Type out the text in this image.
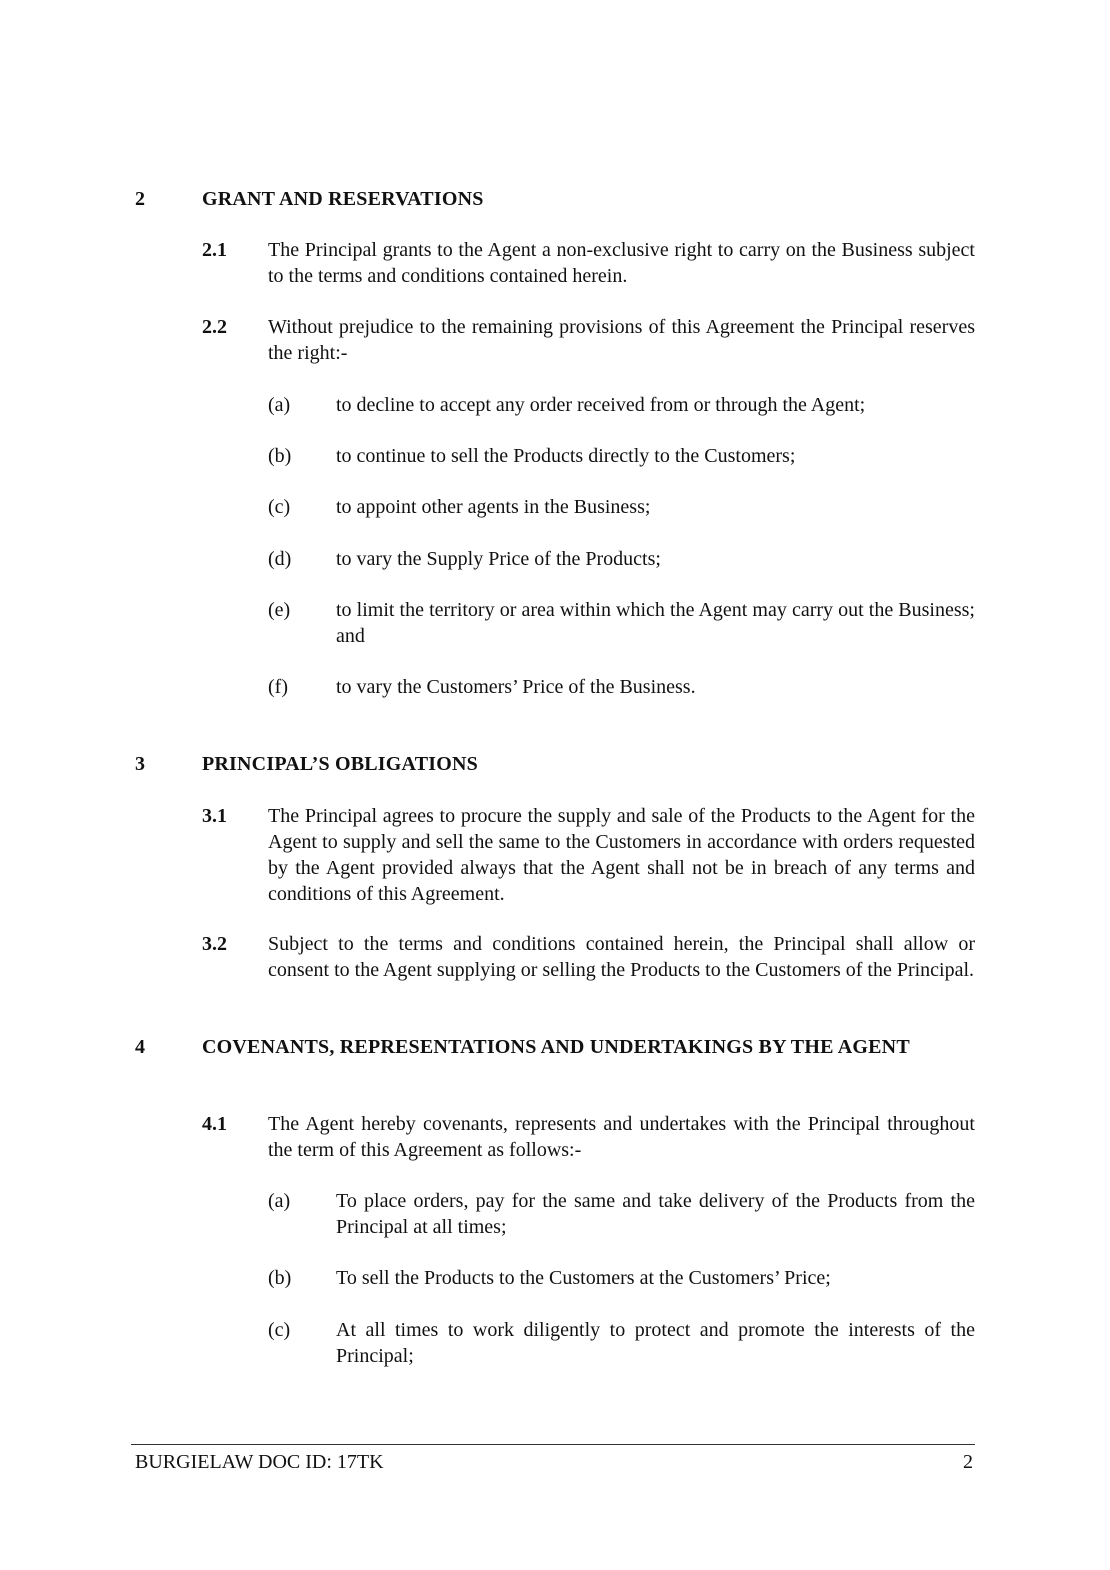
2	GRANT AND RESERVATIONS
2.1 The Principal grants to the Agent a non-exclusive right to carry on the Business subject to the terms and conditions contained herein.
2.2 Without prejudice to the remaining provisions of this Agreement the Principal reserves the right:-
(a) to decline to accept any order received from or through the Agent;
(b) to continue to sell the Products directly to the Customers;
(c) to appoint other agents in the Business;
(d) to vary the Supply Price of the Products;
(e) to limit the territory or area within which the Agent may carry out the Business; and
(f) to vary the Customers’ Price of the Business.
3	PRINCIPAL’S OBLIGATIONS
3.1 The Principal agrees to procure the supply and sale of the Products to the Agent for the Agent to supply and sell the same to the Customers in accordance with orders requested by the Agent provided always that the Agent shall not be in breach of any terms and conditions of this Agreement.
3.2 Subject to the terms and conditions contained herein, the Principal shall allow or consent to the Agent supplying or selling the Products to the Customers of the Principal.
4	COVENANTS, REPRESENTATIONS AND UNDERTAKINGS BY THE AGENT
4.1 The Agent hereby covenants, represents and undertakes with the Principal throughout the term of this Agreement as follows:-
(a) To place orders, pay for the same and take delivery of the Products from the Principal at all times;
(b) To sell the Products to the Customers at the Customers’ Price;
(c) At all times to work diligently to protect and promote the interests of the Principal;
BURGIELAW DOC ID: 17TK	2
